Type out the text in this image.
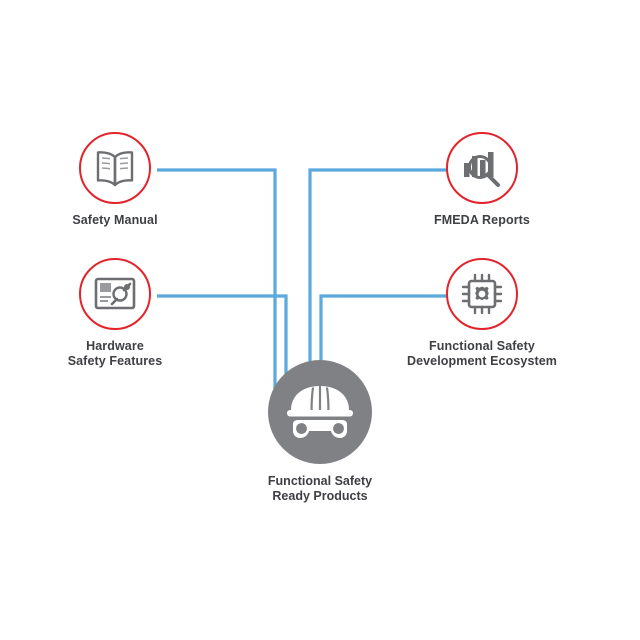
Safety Manual	FMEDA Reports
Hardware
Safety Features
Functional Safety
Development Ecosystem
Functional Safety
Ready Products
